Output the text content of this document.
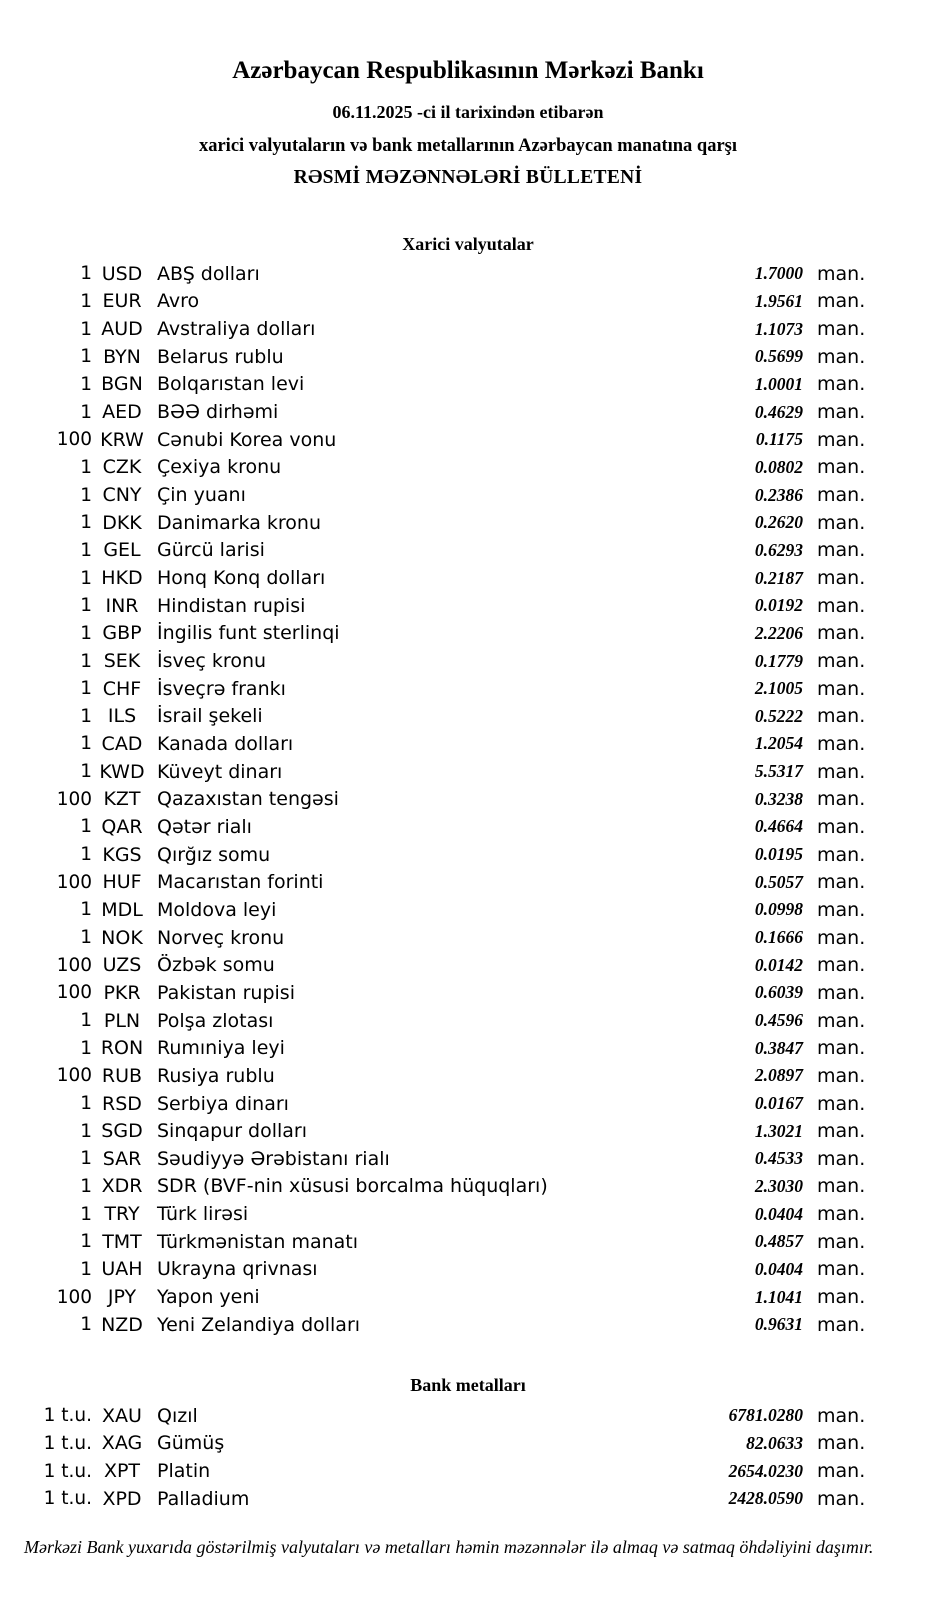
Azərbaycan Respublikasının Mərkəzi Bankı
06.11.2025 -ci il tarixindən etibarən
xarici valyutaların və bank metallarının Azərbaycan manatına qarşı
RƏSMİ MƏZƏNNƏLƏRİ BÜLLETENİ
Xarici valyutalar
1 USD ABŞ dolları	1.7000 man.
1 EUR Avro	1.9561 man.
1 AUD Avstraliya dolları	1.1073 man.
1 BYN Belarus rublu	0.5699 man.
1 BGN Bolqarıstan levi	1.0001 man.
1 AED BƏƏ dirhəmi	0.4629 man.
100 KRW Cənubi Korea vonu	0.1175 man.
1 CZK Çexiya kronu	0.0802 man.
1 CNY Çin yuanı	0.2386 man.
1 DKK Danimarka kronu	0.2620 man.
1 GEL Gürcü larisi	0.6293 man.
1 HKD Honq Konq dolları	0.2187 man.
1 INR Hindistan rupisi	0.0192 man.
1 GBP İngilis funt sterlinqi	2.2206 man.
1 SEK İsveç kronu	0.1779 man.
1 CHF İsveçrə frankı	2.1005 man.
1 ILS	İsrail şekeli	0.5222 man.
1 CAD Kanada dolları	1.2054 man.
1 KWD Küveyt dinarı	5.5317 man.
100 KZT Qazaxıstan tengəsi	0.3238 man.
1 QAR Qətər rialı	0.4664 man.
1 KGS Qırğız somu	0.0195 man.
100 HUF Macarıstan forinti	0.5057 man.
1 MDL Moldova leyi	0.0998 man.
1 NOK Norveç kronu	0.1666 man.
100 UZS Özbək somu	0.0142 man.
100 PKR Pakistan rupisi	0.6039 man.
1 PLN Polşa zlotası	0.4596 man.
1 RON Rumıniya leyi	0.3847 man.
100 RUB Rusiya rublu	2.0897 man.
1 RSD Serbiya dinarı	0.0167 man.
1 SGD Sinqapur dolları	1.3021 man.
1 SAR Səudiyyə Ərəbistanı rialı	0.4533 man.
1 XDR SDR (BVF-nin xüsusi borcalma hüquqları)	2.3030 man.
1 TRY Türk lirəsi	0.0404 man.
1 TMT Türkmənistan manatı	0.4857 man.
1 UAH Ukrayna qrivnası	0.0404 man.
100 JPY	Yapon yeni	1.1041 man.
1 NZD Yeni Zelandiya dolları	0.9631 man.
Bank metalları
1 t.u. XAU Qızıl	6781.0280 man.
1 t.u. XAG Gümüş	82.0633 man.
1 t.u. XPT Platin	2654.0230 man.
1 t.u. XPD Palladium	2428.0590 man.
Mərkəzi Bank yuxarıda göstərilmiş valyutaları və metalları həmin məzənnələr ilə almaq və satmaq öhdəliyini daşımır.
